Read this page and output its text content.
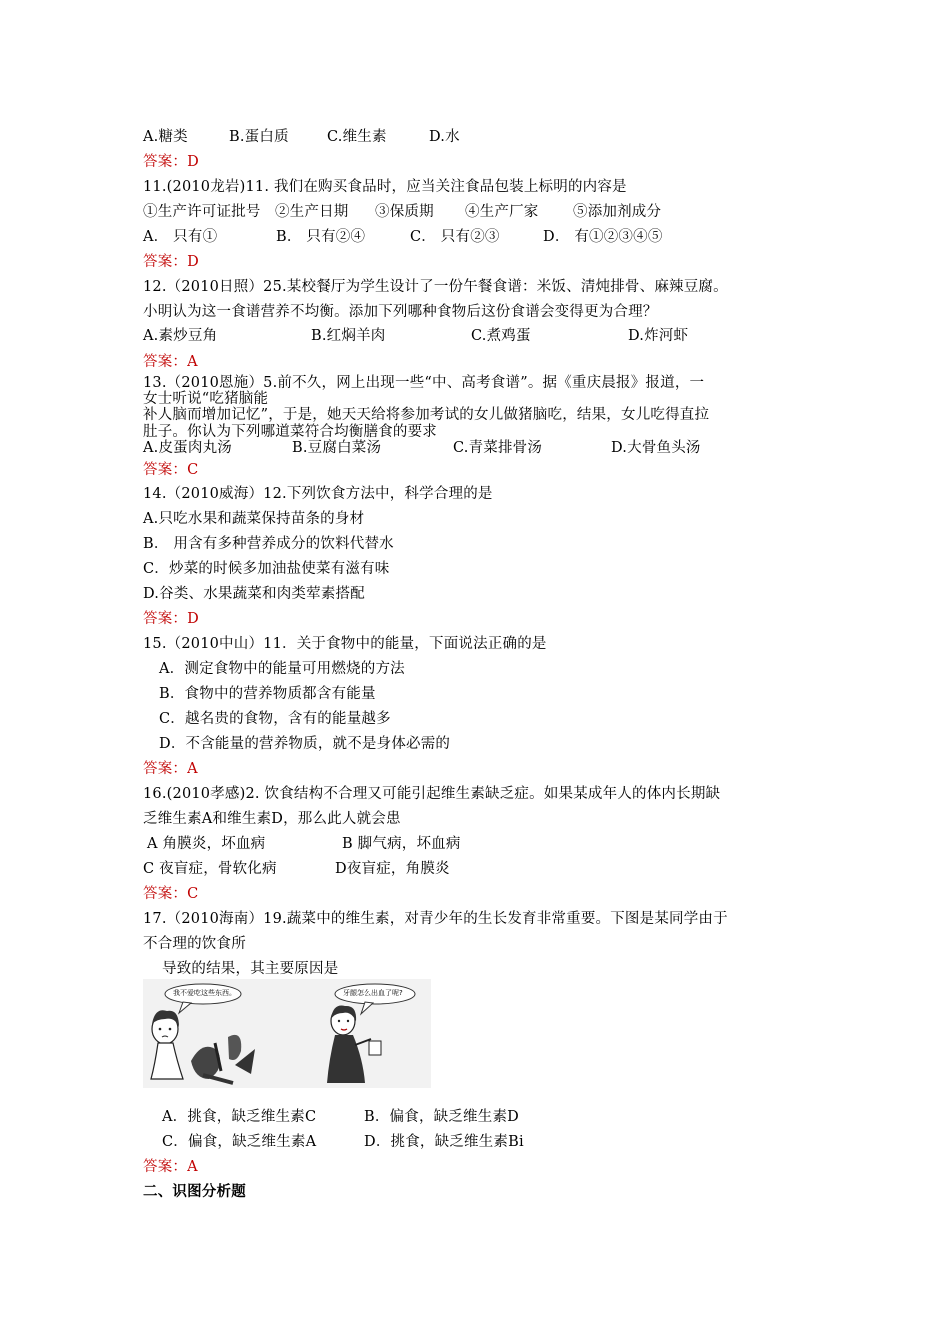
A.糖类	B.蛋白质	C.维生素	D.水
答案：D
11.(2010龙岩)11. 我们在购买食品时，应当关注食品包装上标明的内容是
①生产许可证批号 ②生产日期 ③保质期 ④生产厂家 ⑤添加剂成分
A． 只有①	B． 只有②④	C． 只有②③	D． 有①②③④⑤
答案：D
12.（2010日照）25.某校餐厅为学生设计了一份午餐食谱：米饭、清炖排骨、麻辣豆腐。
小明认为这一食谱营养不均衡。添加下列哪种食物后这份食谱会变得更为合理？
A.素炒豆角	B.红焖羊肉	C.煮鸡蛋	D.炸河虾
答案：A
13.（2010恩施）5.前不久，网上出现一些“中、高考食谱”。据《重庆晨报》报道，一
女士听说“吃猪脑能
补人脑而增加记忆”，于是，她天天给将参加考试的女儿做猪脑吃，结果，女儿吃得直拉
肚子。你认为下列哪道菜符合均衡膳食的要求
A.皮蛋肉丸汤	B.豆腐白菜汤	C.青菜排骨汤	D.大骨鱼头汤
答案：C
14.（2010威海）12.下列饮食方法中，科学合理的是
A.只吃水果和蔬菜保持苗条的身材
B． 用含有多种营养成分的饮料代替水
C．炒菜的时候多加油盐使菜有滋有味
D.谷类、水果蔬菜和肉类荤素搭配
答案：D
15.（2010中山）11．关于食物中的能量，下面说法正确的是
A．测定食物中的能量可用燃烧的方法
B．食物中的营养物质都含有能量
C．越名贵的食物，含有的能量越多
D．不含能量的营养物质，就不是身体必需的
答案：A
16.(2010孝感)2. 饮食结构不合理又可能引起维生素缺乏症。如果某成年人的体内长期缺
乏维生素A和维生素D，那么此人就会患
A 角膜炎，坏血病	B 脚气病，坏血病
C 夜盲症，骨软化病	D夜盲症，角膜炎
答案：C
17.（2010海南）19.蔬菜中的维生素，对青少年的生长发育非常重要。下图是某同学由于
不合理的饮食所
导致的结果，其主要原因是
我不爱吃这些东西。	牙龈怎么出血了呢?
A．挑食，缺乏维生素C	B．偏食，缺乏维生素D
C．偏食，缺乏维生素A	D．挑食，缺乏维生素Bi
答案：A
二、识图分析题
